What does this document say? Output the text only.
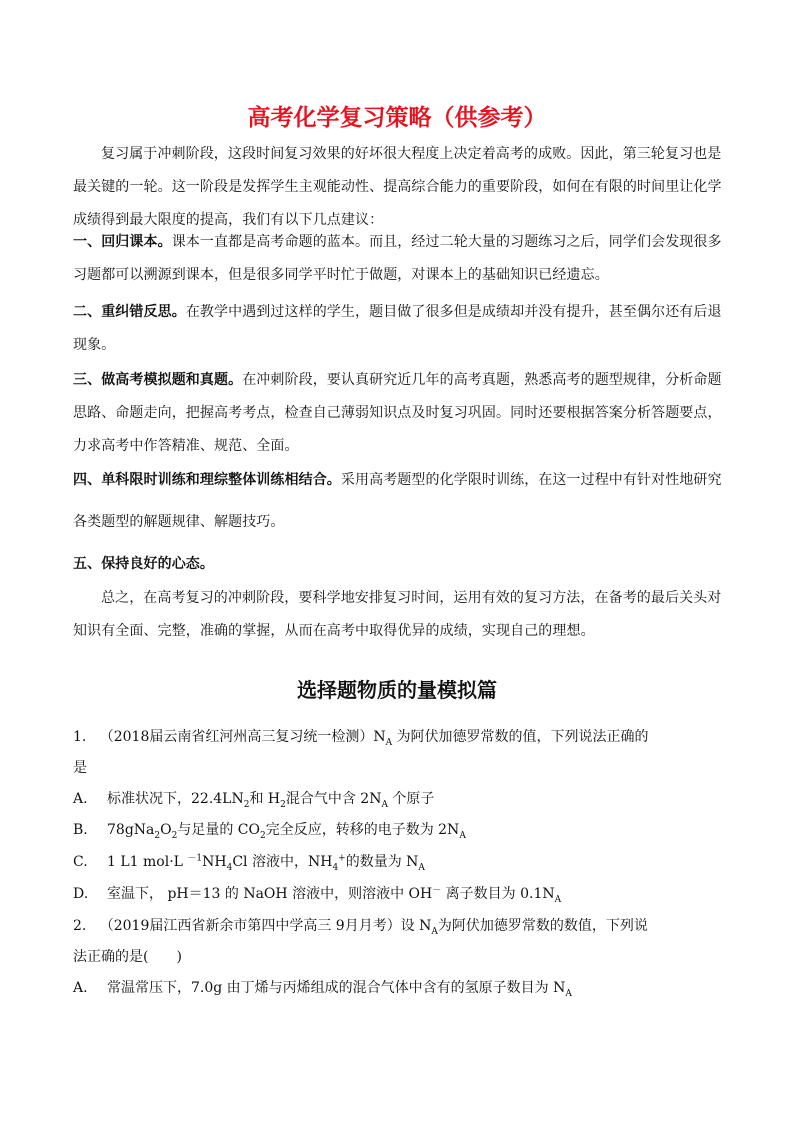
高考化学复习策略（供参考）

复习属于冲刺阶段，这段时间复习效果的好坏很大程度上决定着高考的成败。因此，第三轮复习也是最关键的一轮。这一阶段是发挥学生主观能动性、提高综合能力的重要阶段，如何在有限的时间里让化学成绩得到最大限度的提高，我们有以下几点建议：

一、回归课本。课本一直都是高考命题的蓝本。而且，经过二轮大量的习题练习之后，同学们会发现很多习题都可以溯源到课本，但是很多同学平时忙于做题，对课本上的基础知识已经遗忘。

二、重纠错反思。在教学中遇到过这样的学生，题目做了很多但是成绩却并没有提升，甚至偶尔还有后退现象。

三、做高考模拟题和真题。在冲刺阶段，要认真研究近几年的高考真题，熟悉高考的题型规律，分析命题思路、命题走向，把握高考考点，检查自己薄弱知识点及时复习巩固。同时还要根据答案分析答题要点，力求高考中作答精准、规范、全面。

四、单科限时训练和理综整体训练相结合。采用高考题型的化学限时训练，在这一过程中有针对性地研究

各类题型的解题规律、解题技巧。

五、保持良好的心态。

总之，在高考复习的冲刺阶段，要科学地安排复习时间，运用有效的复习方法，在备考的最后关头对知识有全面、完整，准确的掌握，从而在高考中取得优异的成绩，实现自己的理想。

选择题物质的量模拟篇

1. （2018届云南省红河州高三复习统一检测）$N_A$ 为阿伏加德罗常数的值，下列说法正确的
是

A. 标准状况下，$22.4LN_2$和 $H_2$混合气中含 $2N_A$ 个原子

B. $78gNa_2O_2$与足量的 $CO_2$完全反应，转移的电子数为 $2N_A$

C. 1 L1 mol·L $^{-1}NH_4Cl$ 溶液中，$NH_4^+$的数量为 $N_A$

D. 室温下， pH＝13 的 NaOH 溶液中，则溶液中 OH－ 离子数目为 $0.1N_A$

2. （2019届江西省新余市第四中学高三 9月月考）设 $N_A$为阿伏加德罗常数的数值，下列说
法正确的是(　　)

A. 常温常压下，7.0g 由丁烯与丙烯组成的混合气体中含有的氢原子数目为 $N_A$
